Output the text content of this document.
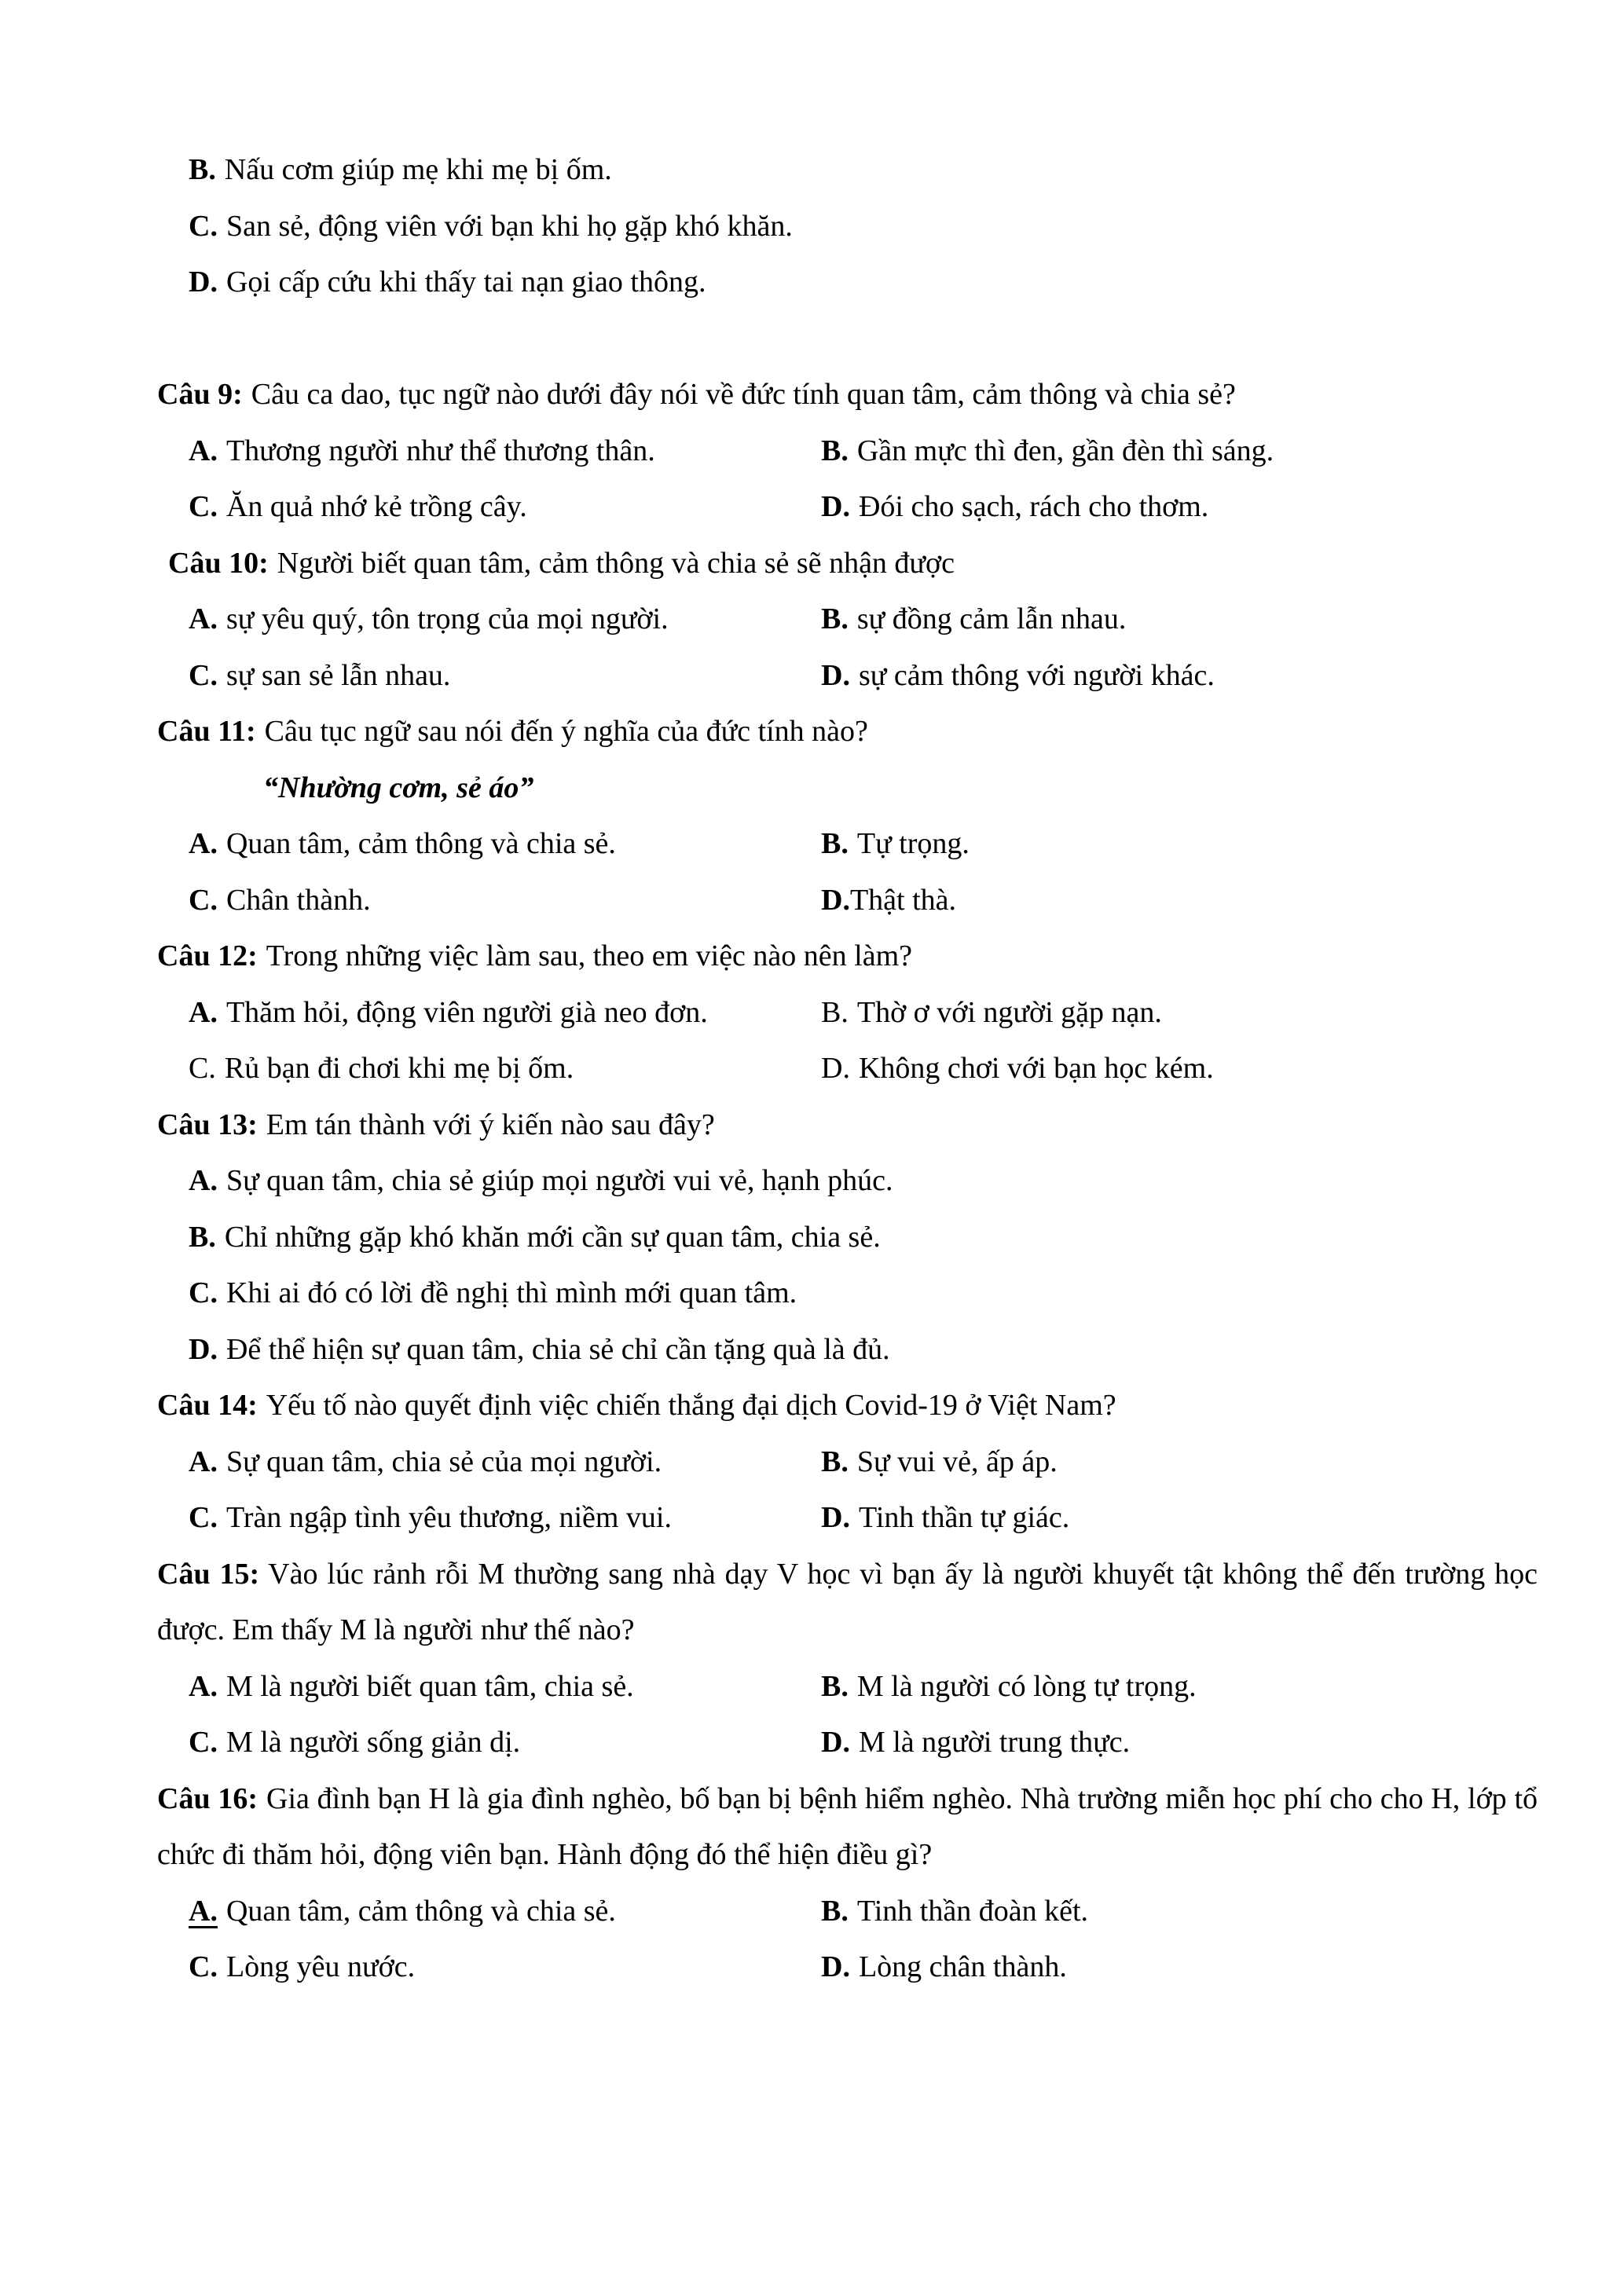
B. Nấu cơm giúp mẹ khi mẹ bị ốm.
C. San sẻ, động viên với bạn khi họ gặp khó khăn.
D. Gọi cấp cứu khi thấy tai nạn giao thông.
Câu 9: Câu ca dao, tục ngữ nào dưới đây nói về đức tính quan tâm, cảm thông và chia sẻ?
A. Thương người như thể thương thân.	B. Gần mực thì đen, gần đèn thì sáng.
C. Ăn quả nhớ kẻ trồng cây.	D. Đói cho sạch, rách cho thơm.
Câu 10: Người biết quan tâm, cảm thông và chia sẻ sẽ nhận được
A. sự yêu quý, tôn trọng của mọi người.	B. sự đồng cảm lẫn nhau.
C. sự san sẻ lẫn nhau.	D. sự cảm thông với người khác.
Câu 11: Câu tục ngữ sau nói đến ý nghĩa của đức tính nào?
“Nhường cơm, sẻ áo”
A. Quan tâm, cảm thông và chia sẻ.	B. Tự trọng.
C. Chân thành.	D.Thật thà.
Câu 12: Trong những việc làm sau, theo em việc nào nên làm?
A. Thăm hỏi, động viên người già neo đơn.	B. Thờ ơ với người gặp nạn.
C. Rủ bạn đi chơi khi mẹ bị ốm.	D. Không chơi với bạn học kém.
Câu 13: Em tán thành với ý kiến nào sau đây?
A. Sự quan tâm, chia sẻ giúp mọi người vui vẻ, hạnh phúc.
B. Chỉ những gặp khó khăn mới cần sự quan tâm, chia sẻ.
C. Khi ai đó có lời đề nghị thì mình mới quan tâm.
D. Để thể hiện sự quan tâm, chia sẻ chỉ cần tặng quà là đủ.
Câu 14: Yếu tố nào quyết định việc chiến thắng đại dịch Covid-19 ở Việt Nam?
A. Sự quan tâm, chia sẻ của mọi người.	B. Sự vui vẻ, ấp áp.
C. Tràn ngập tình yêu thương, niềm vui.	D. Tinh thần tự giác.
Câu 15: Vào lúc rảnh rỗi M thường sang nhà dạy V học vì bạn ấy là người khuyết tật không thể đến trường học được. Em thấy M là người như thế nào?
A. M là người biết quan tâm, chia sẻ.	B. M là người có lòng tự trọng.
C. M là người sống giản dị.	D. M là người trung thực.
Câu 16: Gia đình bạn H là gia đình nghèo, bố bạn bị bệnh hiểm nghèo. Nhà trường miễn học phí cho cho H, lớp tổ chức đi thăm hỏi, động viên bạn. Hành động đó thể hiện điều gì?
A. Quan tâm, cảm thông và chia sẻ.	B. Tinh thần đoàn kết.
C. Lòng yêu nước.	D. Lòng chân thành.
